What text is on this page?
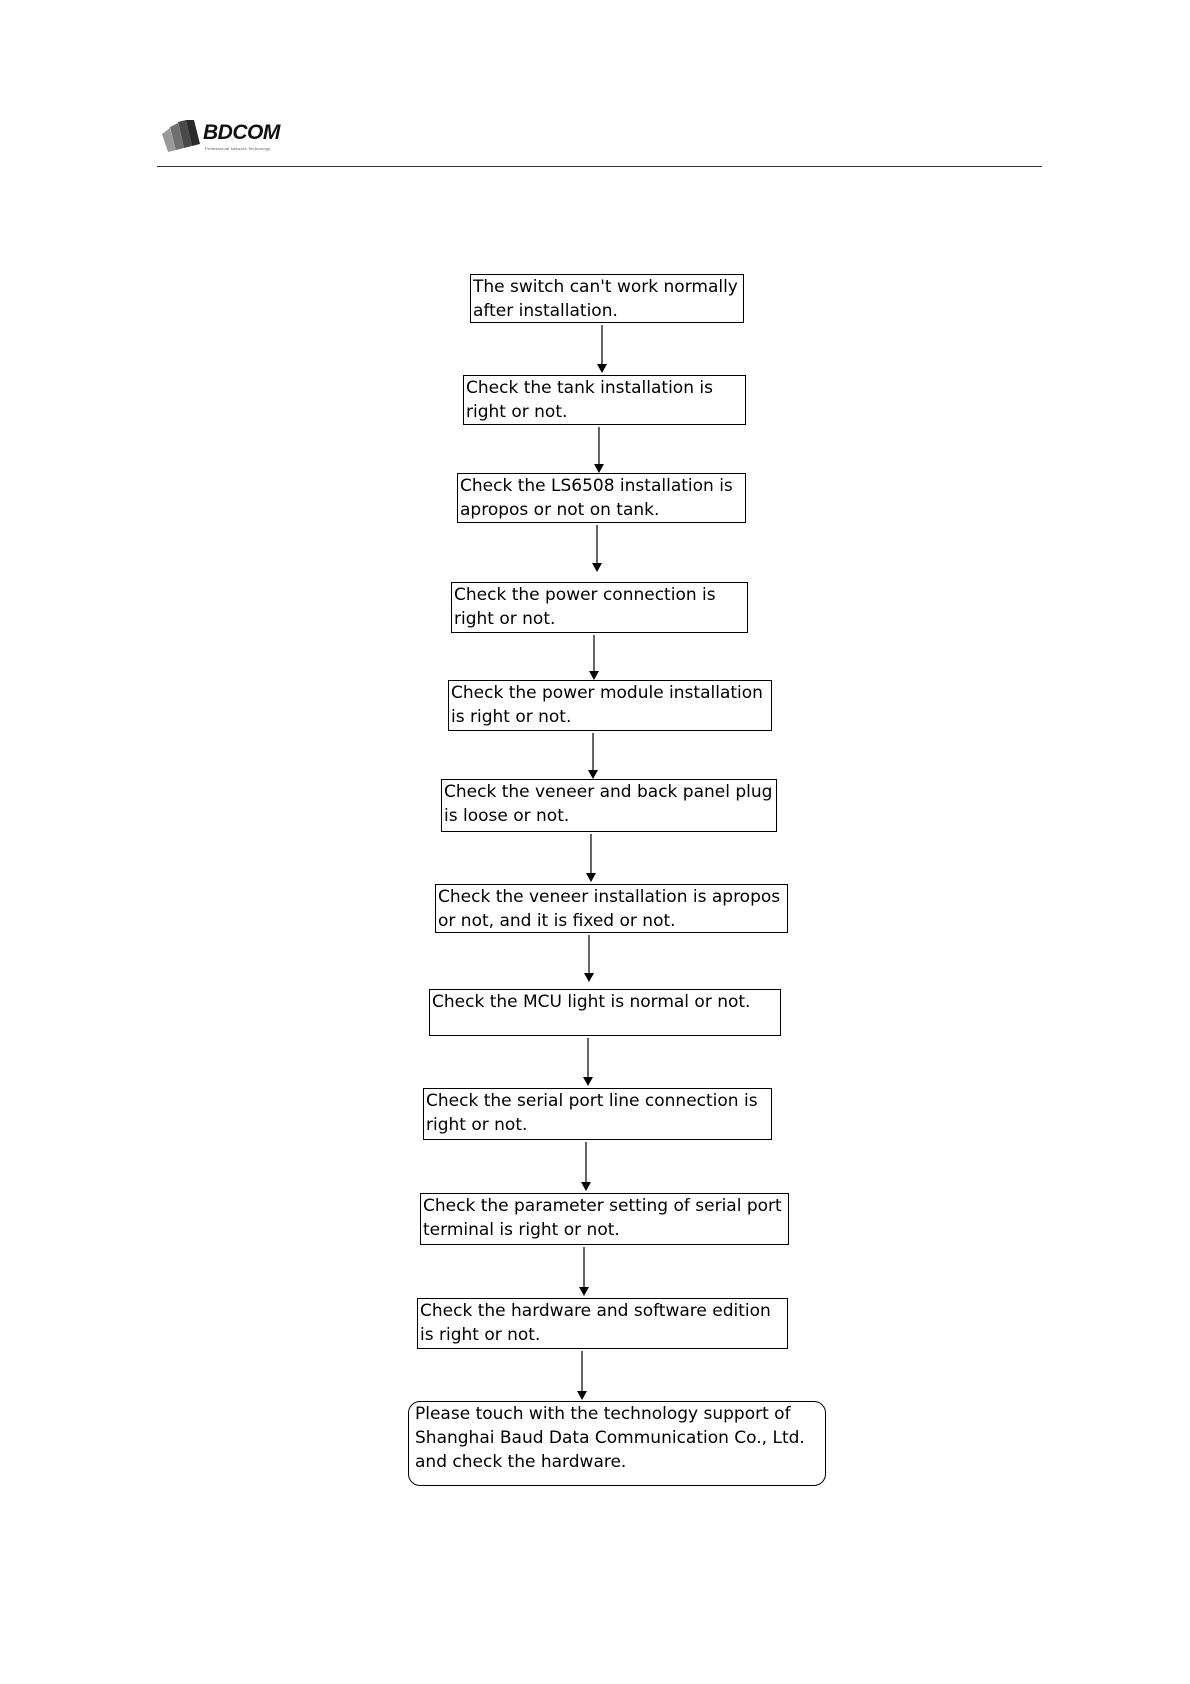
BDCOM
Professional Network Technology
The switch can't work normally after installation.
Check the tank installation is right or not.
Check the LS6508 installation is apropos or not on tank.
Check the power connection is right or not.
Check the power module installation is right or not.
Check the veneer and back panel plug is loose or not.
Check the veneer installation is apropos or not, and it is fixed or not.
Check the MCU light is normal or not.
Check the serial port line connection is right or not.
Check the parameter setting of serial port terminal is right or not.
Check the hardware and software edition is right or not.
Please touch with the technology support of Shanghai Baud Data Communication Co., Ltd. and check the hardware.
